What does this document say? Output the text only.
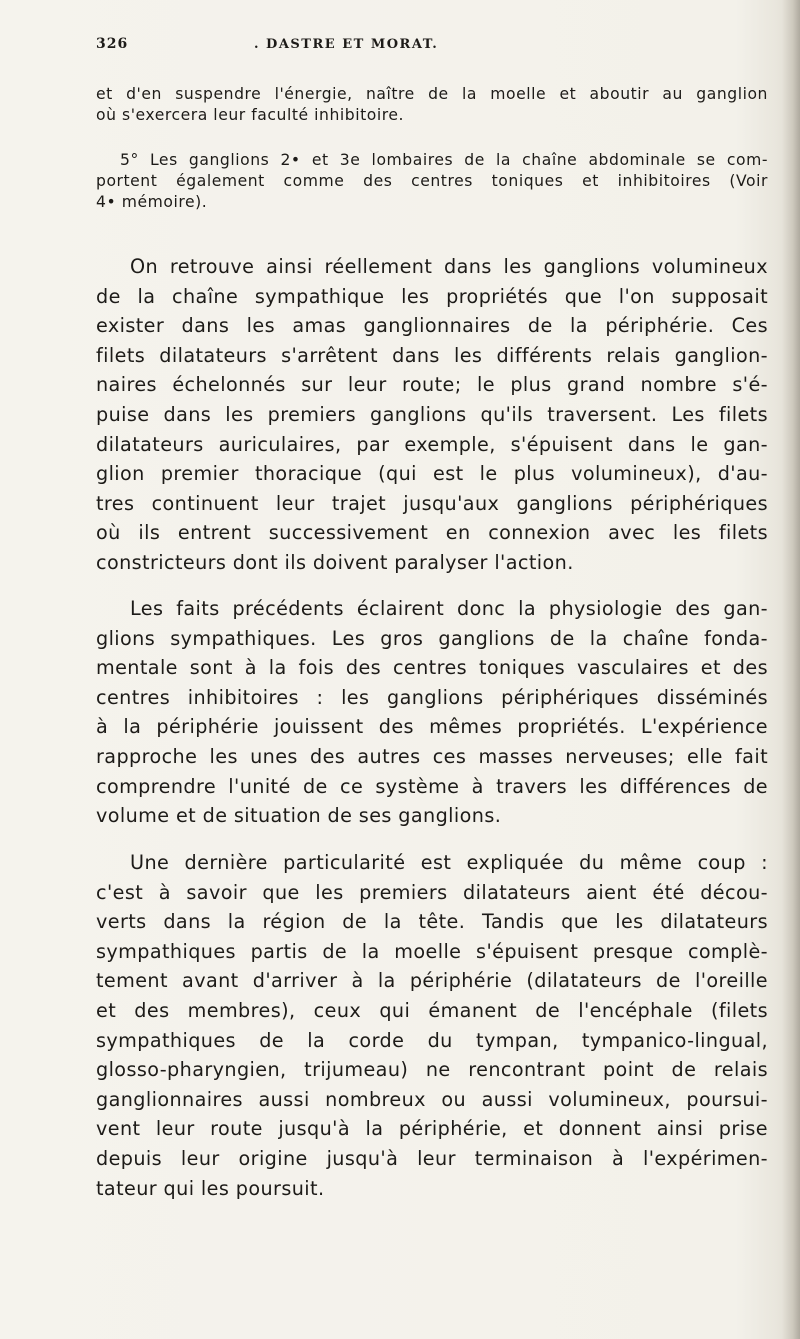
326	. DASTRE ET MORAT.

et d'en suspendre l'énergie, naître de la moelle et aboutir au ganglion
où s'exercera leur faculté inhibitoire.

5° Les ganglions 2• et 3e lombaires de la chaîne abdominale se com-
portent également comme des centres toniques et inhibitoires (Voir
4• mémoire).

On retrouve ainsi réellement dans les ganglions volumineux
de la chaîne sympathique les propriétés que l'on supposait
exister dans les amas ganglionnaires de la périphérie. Ces
filets dilatateurs s'arrêtent dans les différents relais ganglion-
naires échelonnés sur leur route; le plus grand nombre s'é-
puise dans les premiers ganglions qu'ils traversent. Les filets
dilatateurs auriculaires, par exemple, s'épuisent dans le gan-
glion premier thoracique (qui est le plus volumineux), d'au-
tres continuent leur trajet jusqu'aux ganglions périphériques
où ils entrent successivement en connexion avec les filets
constricteurs dont ils doivent paralyser l'action.

Les faits précédents éclairent donc la physiologie des gan-
glions sympathiques. Les gros ganglions de la chaîne fonda-
mentale sont à la fois des centres toniques vasculaires et des
centres inhibitoires : les ganglions périphériques disséminés
à la périphérie jouissent des mêmes propriétés. L'expérience
rapproche les unes des autres ces masses nerveuses; elle fait
comprendre l'unité de ce système à travers les différences de
volume et de situation de ses ganglions.

Une dernière particularité est expliquée du même coup :
c'est à savoir que les premiers dilatateurs aient été décou-
verts dans la région de la tête. Tandis que les dilatateurs
sympathiques partis de la moelle s'épuisent presque complè-
tement avant d'arriver à la périphérie (dilatateurs de l'oreille
et des membres), ceux qui émanent de l'encéphale (filets
sympathiques de la corde du tympan, tympanico-lingual,
glosso-pharyngien, trijumeau) ne rencontrant point de relais
ganglionnaires aussi nombreux ou aussi volumineux, poursui-
vent leur route jusqu'à la périphérie, et donnent ainsi prise
depuis leur origine jusqu'à leur terminaison à l'expérimen-
tateur qui les poursuit.
